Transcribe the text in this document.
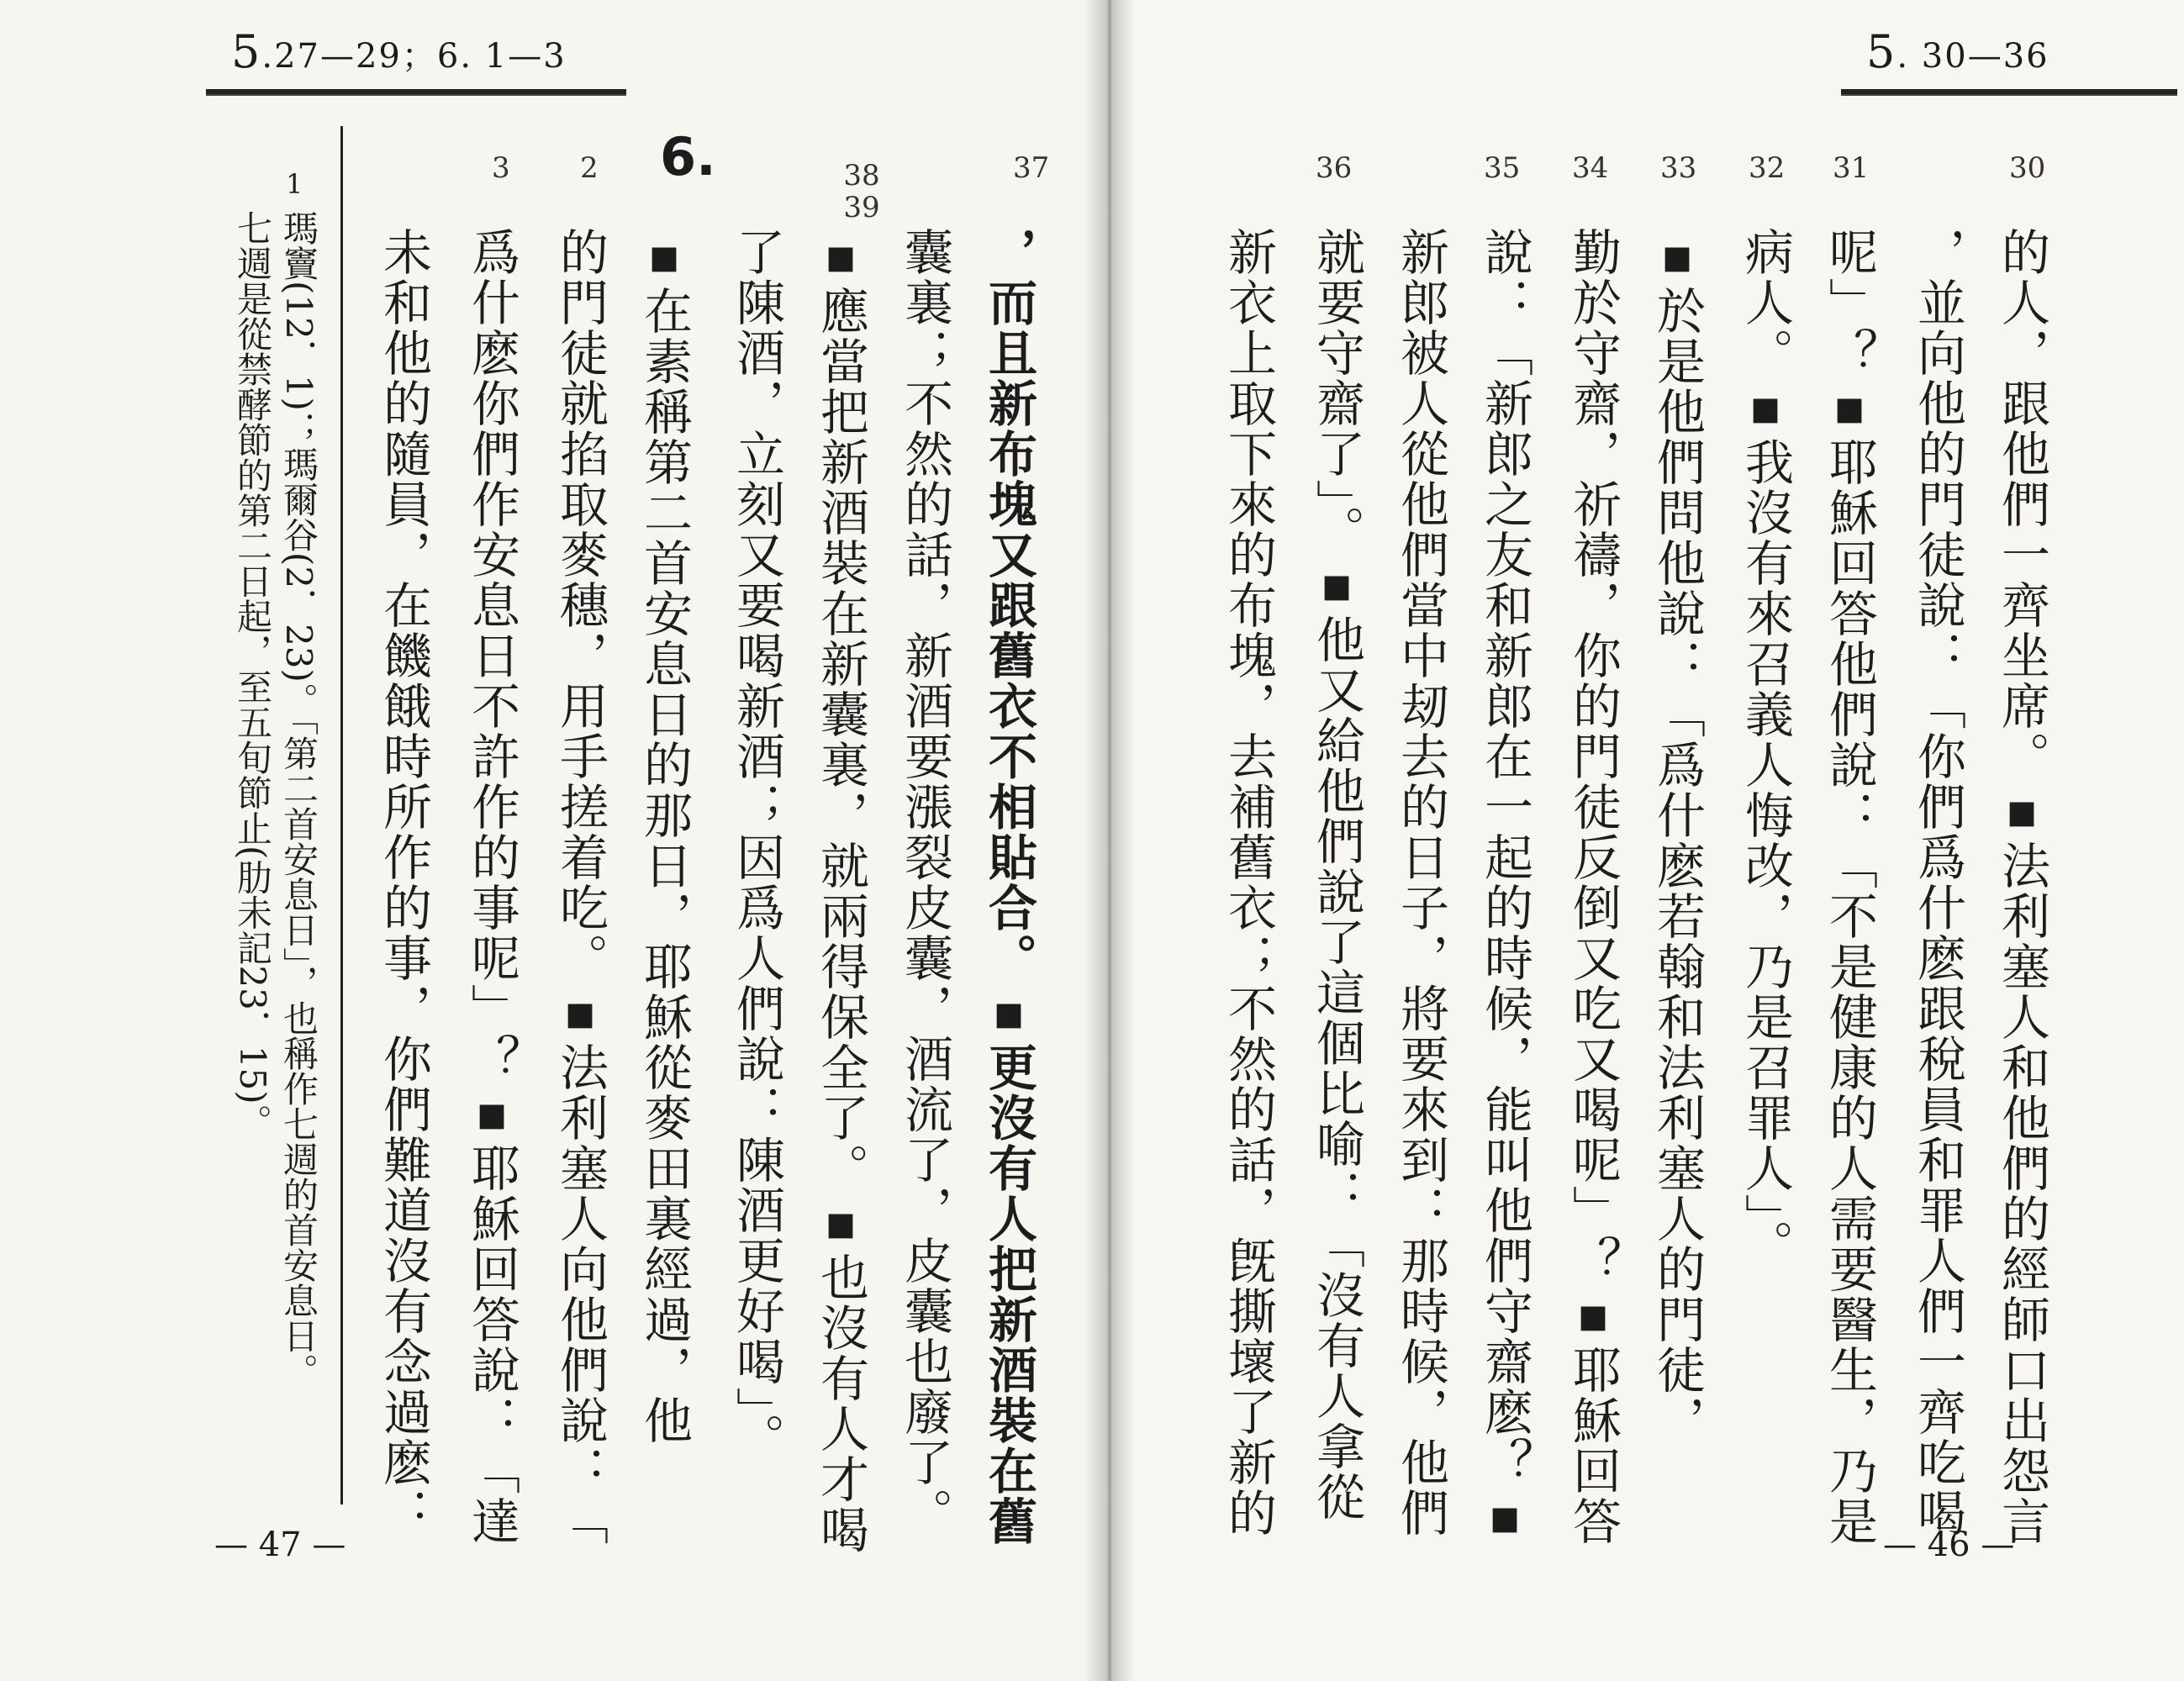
5.27—29；6. 1—3
37
38 39
6.
2
3
，而且新布塊又跟舊衣不相貼合。▪更沒有人把新酒裝在舊
囊裏；不然的話，新酒要漲裂皮囊，酒流了，皮囊也廢了。
▪應當把新酒裝在新囊裏，就兩得保全了。▪也沒有人才喝
了陳酒，立刻又要喝新酒；因爲人們說：陳酒更好喝」。
▪在素稱第二首安息日的那日，耶穌從麥田裏經過，他
的門徒就掐取麥穗，用手搓着吃。▪法利塞人向他們說：「
爲什麽你們作安息日不許作的事呢」？▪耶穌回答說：「達
未和他的隨員，在饑餓時所作的事，你們難道沒有念過麽：
1
瑪竇(12．1)；瑪爾谷(2．23)。「第二首安息日」，也稱作七週的首安息日。
七週是從禁酵節的第二日起，至五旬節止(肋未記23．15)。
— 47 —
5. 30—36
30
31
32
33
34
35
36
的人，跟他們一齊坐席。▪法利塞人和他們的經師口出怨言
，並向他的門徒說：「你們爲什麽跟稅員和罪人們一齊吃喝
呢」？▪耶穌回答他們說：「不是健康的人需要醫生，乃是
病人。▪我沒有來召義人悔改，乃是召罪人」。
▪於是他們問他說：「爲什麽若翰和法利塞人的門徒，
勤於守齋，祈禱，你的門徒反倒又吃又喝呢」？▪耶穌回答
說：「新郎之友和新郎在一起的時候，能叫他們守齋麽？▪
新郎被人從他們當中刼去的日子，將要來到：那時候，他們
就要守齋了」。▪他又給他們說了這個比喻：「沒有人拿從
新衣上取下來的布塊，去補舊衣；不然的話，旣撕壞了新的
— 46 —
